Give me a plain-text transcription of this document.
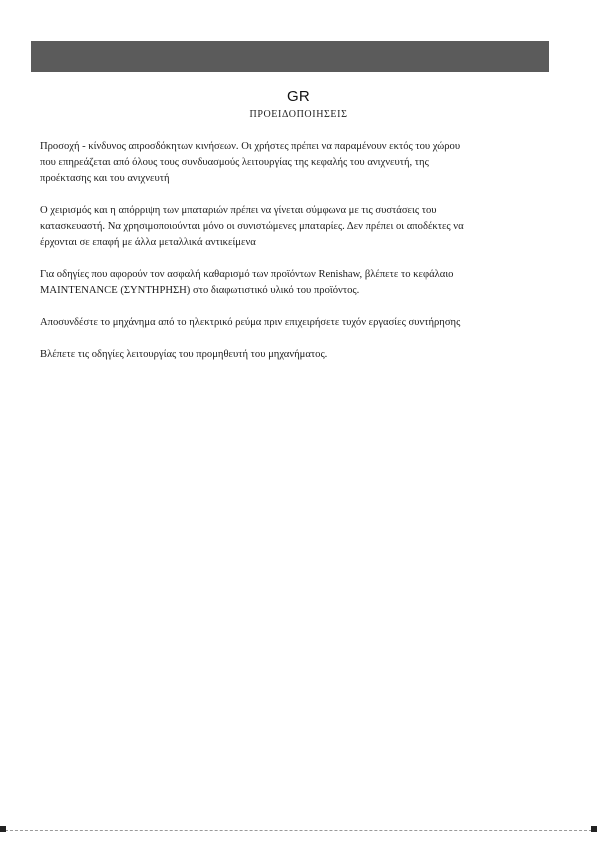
GR
ΠΡΟΕΙΔΟΠΟΙΗΣΕΙΣ

Προσοχή - κίνδυνος απροσδόκητων κινήσεων. Οι χρήστες πρέπει να παραμένουν εκτός του χώρου
που επηρεάζεται από όλους τους συνδυασμούς λειτουργίας της κεφαλής του ανιχνευτή, της
προέκτασης και του ανιχνευτή

Ο χειρισμός και η απόρριψη των μπαταριών πρέπει να γίνεται σύμφωνα με τις συστάσεις του
κατασκευαστή. Να χρησιμοποιούνται μόνο οι συνιστώμενες μπαταρίες. Δεν πρέπει οι αποδέκτες να
έρχονται σε επαφή με άλλα μεταλλικά αντικείμενα

Για οδηγίες που αφορούν τον ασφαλή καθαρισμό των προϊόντων Renishaw, βλέπετε το κεφάλαιο
MAINTENANCE (ΣΥΝΤΗΡΗΣΗ) στο διαφωτιστικό υλικό του προϊόντος.

Αποσυνδέστε το μηχάνημα από το ηλεκτρικό ρεύμα πριν επιχειρήσετε τυχόν εργασίες συντήρησης

Βλέπετε τις οδηγίες λειτουργίας του προμηθευτή του μηχανήματος.
